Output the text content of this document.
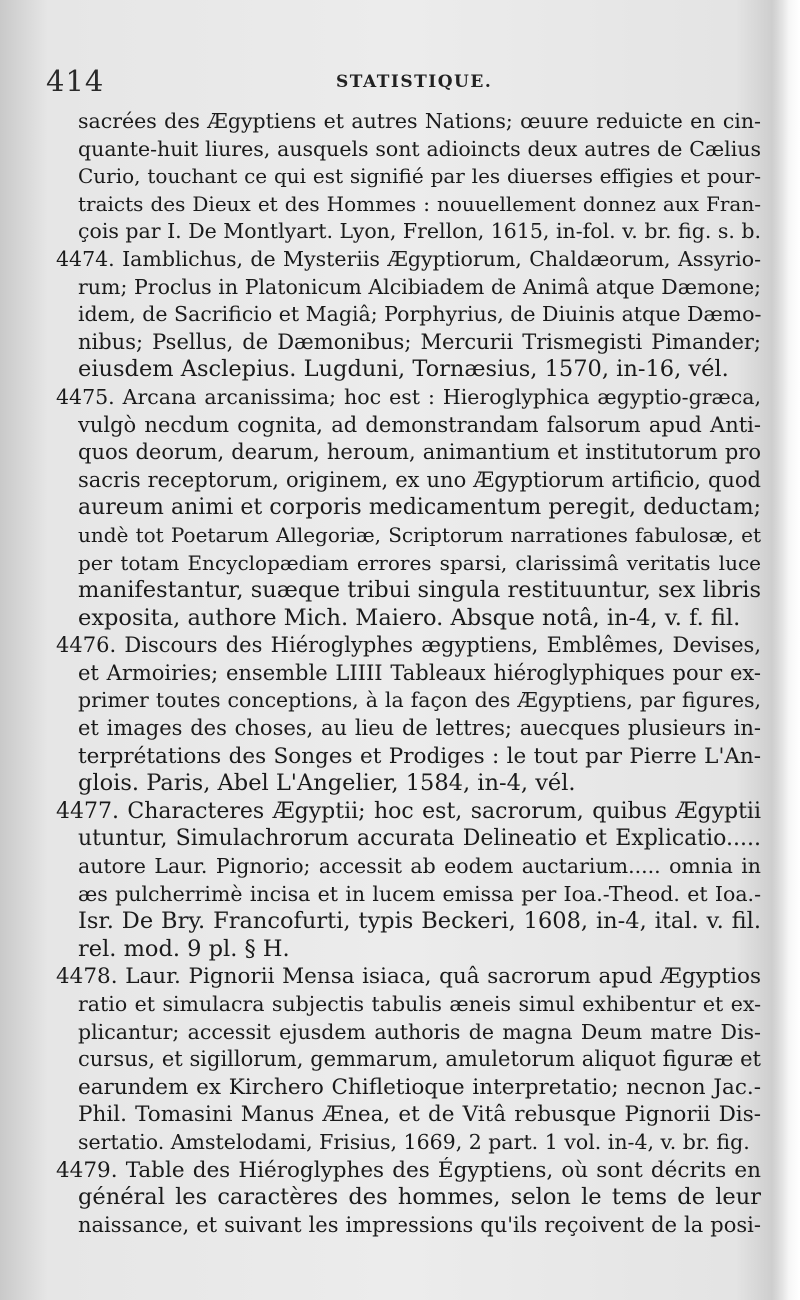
414	STATISTIQUE.
sacrées des Ægyptiens et autres Nations; œuure reduicte en cin-
quante-huit liures, ausquels sont adioincts deux autres de Cælius
Curio, touchant ce qui est signifié par les diuerses effigies et pour-
traicts des Dieux et des Hommes : nouuellement donnez aux Fran-
çois par I. De Montlyart. Lyon, Frellon, 1615, in-fol. v. br. fig. s. b.
4474. Iamblichus, de Mysteriis Ægyptiorum, Chaldæorum, Assyrio-
rum; Proclus in Platonicum Alcibiadem de Animâ atque Dæmone;
idem, de Sacrificio et Magiâ; Porphyrius, de Diuinis atque Dæmo-
nibus; Psellus, de Dæmonibus; Mercurii Trismegisti Pimander;
eiusdem Asclepius. Lugduni, Tornæsius, 1570, in-16, vél.
4475. Arcana arcanissima; hoc est : Hieroglyphica ægyptio-græca,
vulgò necdum cognita, ad demonstrandam falsorum apud Anti-
quos deorum, dearum, heroum, animantium et institutorum pro
sacris receptorum, originem, ex uno Ægyptiorum artificio, quod
aureum animi et corporis medicamentum peregit, deductam;
undè tot Poetarum Allegoriæ, Scriptorum narrationes fabulosæ, et
per totam Encyclopædiam errores sparsi, clarissimâ veritatis luce
manifestantur, suæque tribui singula restituuntur, sex libris
exposita, authore Mich. Maiero. Absque notâ, in-4, v. f. fil.
4476. Discours des Hiéroglyphes ægyptiens, Emblêmes, Devises,
et Armoiries; ensemble LIIII Tableaux hiéroglyphiques pour ex-
primer toutes conceptions, à la façon des Ægyptiens, par figures,
et images des choses, au lieu de lettres; auecques plusieurs in-
terprétations des Songes et Prodiges : le tout par Pierre L'An-
glois. Paris, Abel L'Angelier, 1584, in-4, vél.
4477. Characteres Ægyptii; hoc est, sacrorum, quibus Ægyptii
utuntur, Simulachrorum accurata Delineatio et Explicatio.....
autore Laur. Pignorio; accessit ab eodem auctarium..... omnia in
æs pulcherrimè incisa et in lucem emissa per Ioa.-Theod. et Ioa.-
Isr. De Bry. Francofurti, typis Beckeri, 1608, in-4, ital. v. fil.
rel. mod. 9 pl. § H.
4478. Laur. Pignorii Mensa isiaca, quâ sacrorum apud Ægyptios
ratio et simulacra subjectis tabulis æneis simul exhibentur et ex-
plicantur; accessit ejusdem authoris de magna Deum matre Dis-
cursus, et sigillorum, gemmarum, amuletorum aliquot figuræ et
earundem ex Kirchero Chifletioque interpretatio; necnon Jac.-
Phil. Tomasini Manus Ænea, et de Vitâ rebusque Pignorii Dis-
sertatio. Amstelodami, Frisius, 1669, 2 part. 1 vol. in-4, v. br. fig.
4479. Table des Hiéroglyphes des Égyptiens, où sont décrits en
général les caractères des hommes, selon le tems de leur
naissance, et suivant les impressions qu'ils reçoivent de la posi-
